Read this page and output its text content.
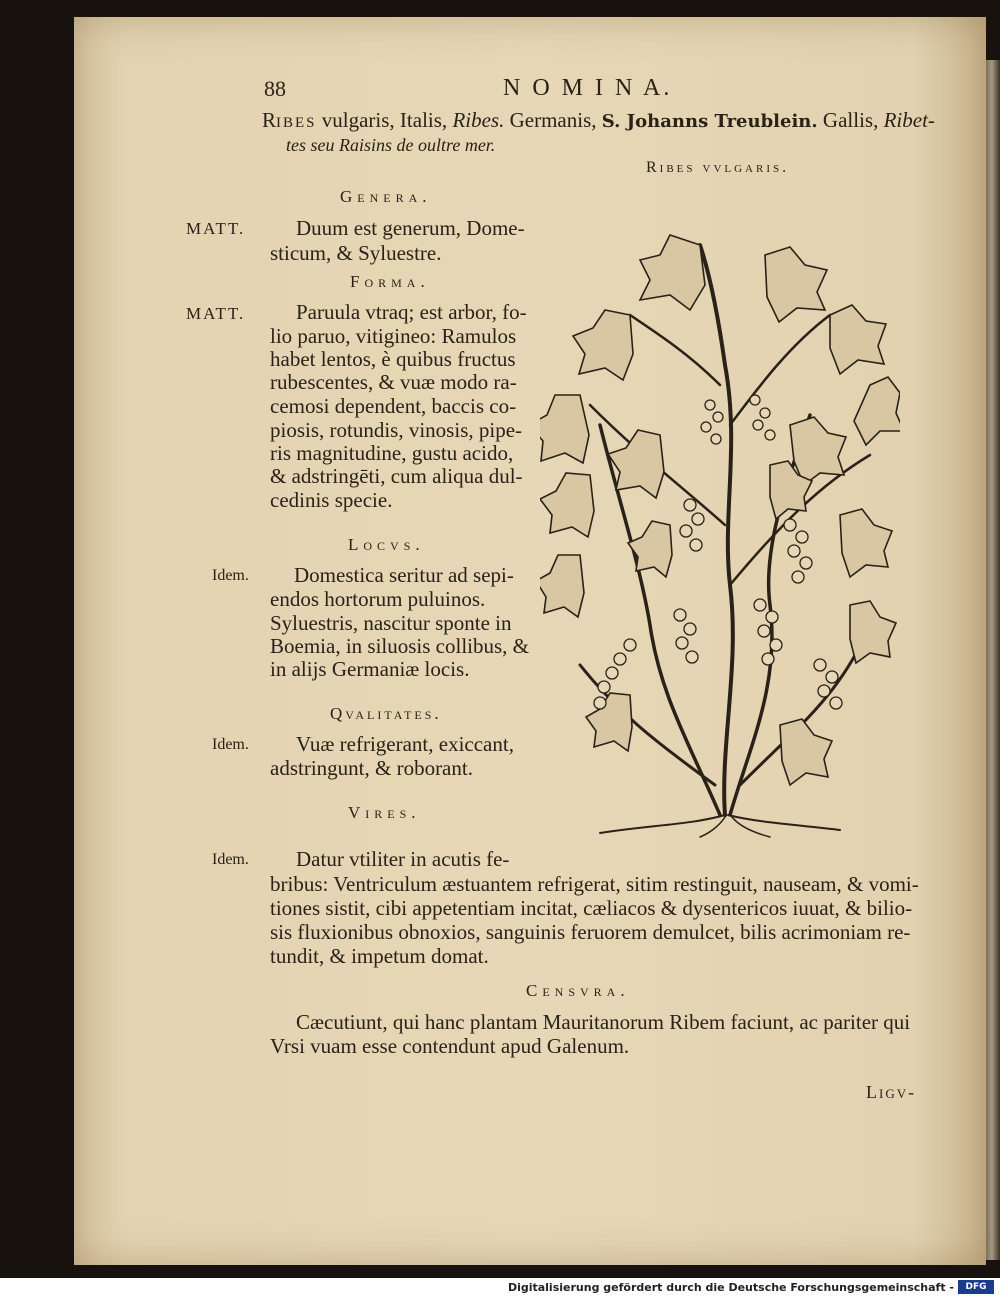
88	N O M I N A.
RIBES vulgaris, Italis, Ribes. Germanis, S. Johanns Treublein. Gallis, Ribet-
tes seu Raisins de oultre mer.
Ribes vvlgaris.
Genera.
MATT. Duum est generum, Dome-
sticum, & Syluestre.
Forma.
MATT. Paruula vtraq; est arbor, fo-
lio paruo, vitigineo: Ramulos
habet lentos, è quibus fructus
rubescentes, & vuæ modo ra-
cemosi dependent, baccis co-
piosis, rotundis, vinosis, pipe-
ris magnitudine, gustu acido,
& adstringēti, cum aliqua dul-
cedinis specie.
Locvs.
Idem. Domestica seritur ad sepi-
endos hortorum puluinos.
Syluestris, nascitur sponte in
Boemia, in siluosis collibus, &
in alijs Germaniæ locis.
Qvalitates.
Idem. Vuæ refrigerant, exiccant,
adstringunt, & roborant.
Vires.
Idem. Datur vtiliter in acutis fe-
bribus: Ventriculum æstuantem refrigerat, sitim restinguit, nauseam, & vomi-
tiones sistit, cibi appetentiam incitat, cæliacos & dysentericos iuuat, & bilio-
sis fluxionibus obnoxios, sanguinis feruorem demulcet, bilis acrimoniam re-
tundit, & impetum domat.
Censvra.
Cæcutiunt, qui hanc plantam Mauritanorum Ribem faciunt, ac pariter qui
Vrsi vuam esse contendunt apud Galenum.
Ligv-
Digitalisierung gefördert durch die Deutsche Forschungsgemeinschaft -	DFG
